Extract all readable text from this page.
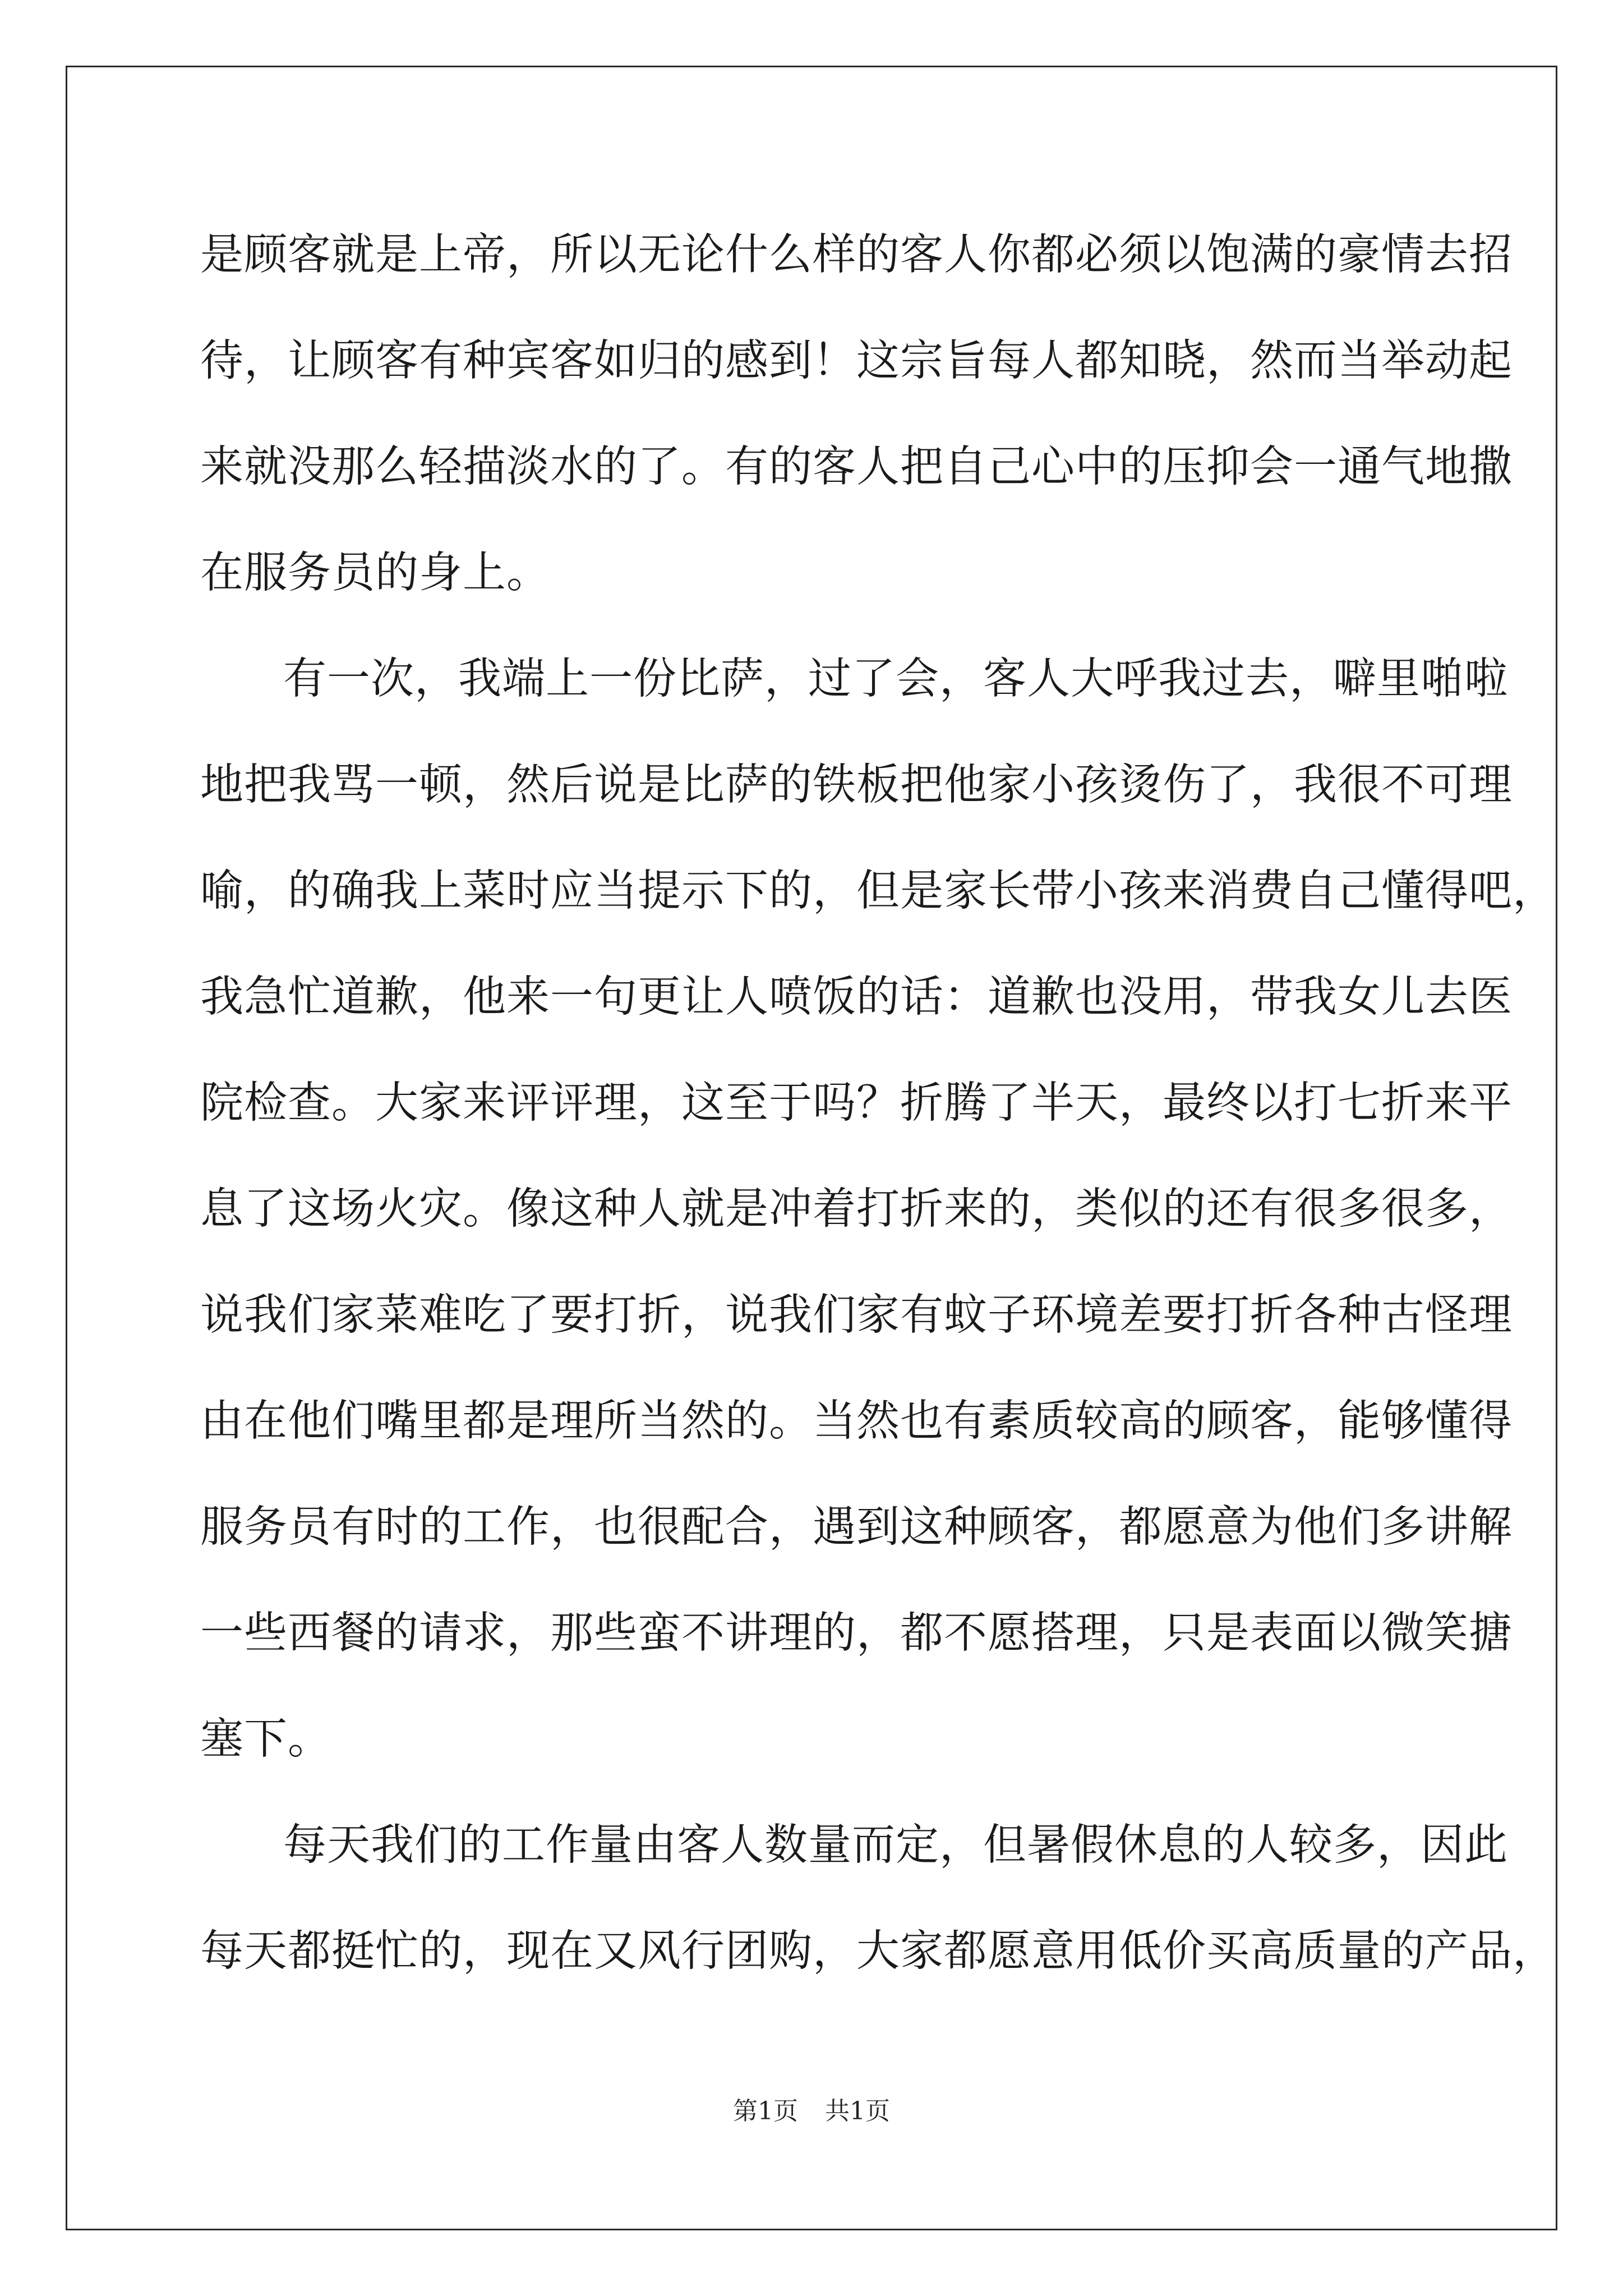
是顾客就是上帝，所以无论什么样的客人你都必须以饱满的豪情去招
待，让顾客有种宾客如归的感到！这宗旨每人都知晓，然而当举动起
来就没那么轻描淡水的了。有的客人把自己心中的压抑会一通气地撒
在服务员的身上。
有一次，我端上一份比萨，过了会，客人大呼我过去，噼里啪啦
地把我骂一顿，然后说是比萨的铁板把他家小孩烫伤了，我很不可理
喻，的确我上菜时应当提示下的，但是家长带小孩来消费自己懂得吧，
我急忙道歉，他来一句更让人喷饭的话：道歉也没用，带我女儿去医
院检查。大家来评评理，这至于吗？折腾了半天，最终以打七折来平
息了这场火灾。像这种人就是冲着打折来的，类似的还有很多很多，
说我们家菜难吃了要打折，说我们家有蚊子环境差要打折各种古怪理
由在他们嘴里都是理所当然的。当然也有素质较高的顾客，能够懂得
服务员有时的工作，也很配合，遇到这种顾客，都愿意为他们多讲解
一些西餐的请求，那些蛮不讲理的，都不愿搭理，只是表面以微笑搪
塞下。
每天我们的工作量由客人数量而定，但暑假休息的人较多，因此
每天都挺忙的，现在又风行团购，大家都愿意用低价买高质量的产品，
第1页 共1页
